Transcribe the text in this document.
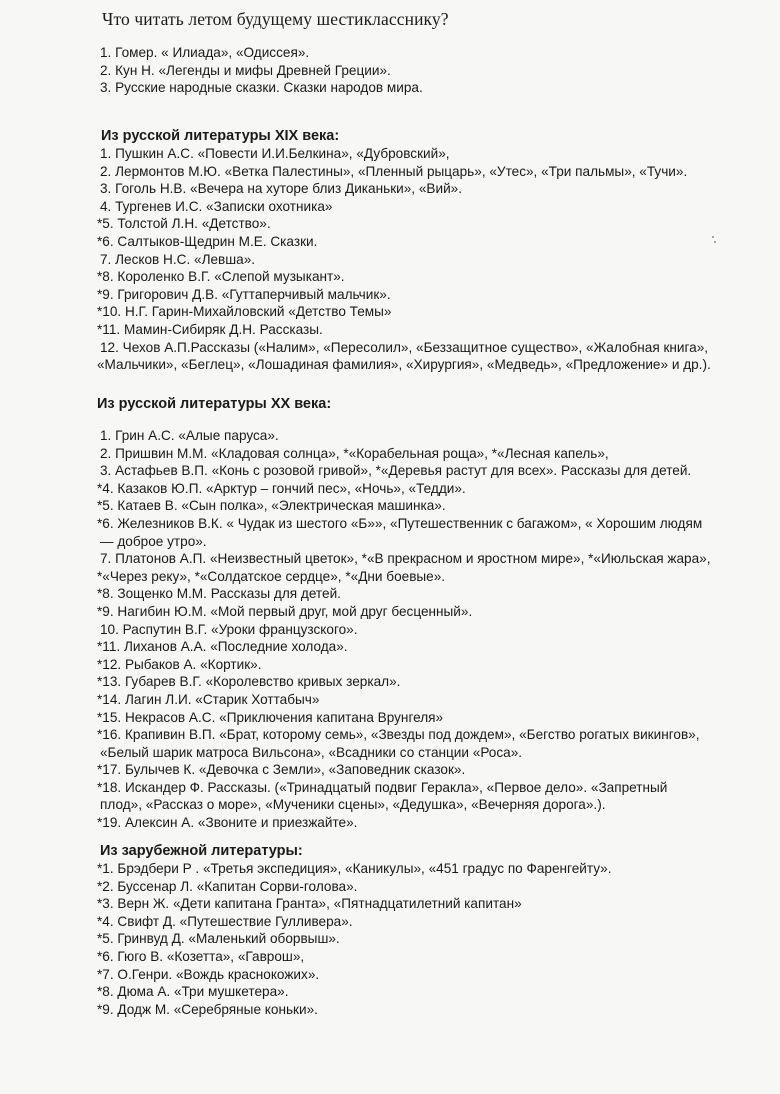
Что читать летом будущему шестикласснику?
1. Гомер. « Илиада», «Одиссея».
2. Кун Н. «Легенды и мифы Древней Греции».
3. Русские народные сказки. Сказки народов мира.
Из русской литературы XIX века:
1. Пушкин А.С. «Повести И.И.Белкина», «Дубровский»,
2. Лермонтов М.Ю. «Ветка Палестины», «Пленный рыцарь», «Утес», «Три пальмы», «Тучи».
3. Гоголь Н.В. «Вечера на хуторе близ Диканьки», «Вий».
4. Тургенев И.С. «Записки охотника»
*5. Толстой Л.Н. «Детство».
*6. Салтыков-Щедрин М.Е. Сказки.
7. Лесков Н.С. «Левша».
*8. Короленко В.Г. «Слепой музыкант».
*9. Григорович Д.В. «Гуттаперчивый мальчик».
*10. Н.Г. Гарин-Михайловский «Детство Темы»
*11. Мамин-Сибиряк Д.Н. Рассказы.
12. Чехов А.П.Рассказы («Налим», «Пересолил», «Беззащитное существо», «Жалобная книга»,
«Мальчики», «Беглец», «Лошадиная фамилия», «Хирургия», «Медведь», «Предложение» и др.).
Из русской литературы XX века:
1. Грин А.С. «Алые паруса».
2. Пришвин М.М. «Кладовая солнца», *«Корабельная роща», *«Лесная капель»,
3. Астафьев В.П. «Конь с розовой гривой», *«Деревья растут для всех». Рассказы для детей.
*4. Казаков Ю.П. «Арктур – гончий пес», «Ночь», «Тедди».
*5. Катаев В. «Сын полка», «Электрическая машинка».
*6. Железников В.К. « Чудак из шестого «Б»», «Путешественник с багажом», « Хорошим людям
— доброе утро».
7. Платонов А.П. «Неизвестный цветок», *«В прекрасном и яростном мире», *«Июльская жара»,
*«Через реку», *«Солдатское сердце», *«Дни боевые».
*8. Зощенко М.М. Рассказы для детей.
*9. Нагибин Ю.М. «Мой первый друг, мой друг бесценный».
10. Распутин В.Г. «Уроки французского».
*11. Лиханов А.А. «Последние холода».
*12. Рыбаков А. «Кортик».
*13. Губарев В.Г. «Королевство кривых зеркал».
*14. Лагин Л.И. «Старик Хоттабыч»
*15. Некрасов А.С. «Приключения капитана Врунгеля»
*16. Крапивин В.П. «Брат, которому семь», «Звезды под дождем», «Бегство рогатых викингов»,
«Белый шарик матроса Вильсона», «Всадники со станции «Роса».
*17. Булычев К. «Девочка с Земли», «Заповедник сказок».
*18. Искандер Ф. Рассказы. («Тринадцатый подвиг Геракла», «Первое дело». «Запретный
плод», «Рассказ о море», «Мученики сцены», «Дедушка», «Вечерняя дорога».).
*19. Алексин А. «Звоните и приезжайте».
Из зарубежной литературы:
*1. Брэдбери Р . «Третья экспедиция», «Каникулы», «451 градус по Фаренгейту».
*2. Буссенар Л. «Капитан Сорви-голова».
*3. Верн Ж. «Дети капитана Гранта», «Пятнадцатилетний капитан»
*4. Свифт Д. «Путешествие Гулливера».
*5. Гринвуд Д. «Маленький оборвыш».
*6. Гюго В. «Козетта», «Гаврош»,
*7. О.Генри. «Вождь краснокожих».
*8. Дюма А. «Три мушкетера».
*9. Додж М. «Серебряные коньки».
